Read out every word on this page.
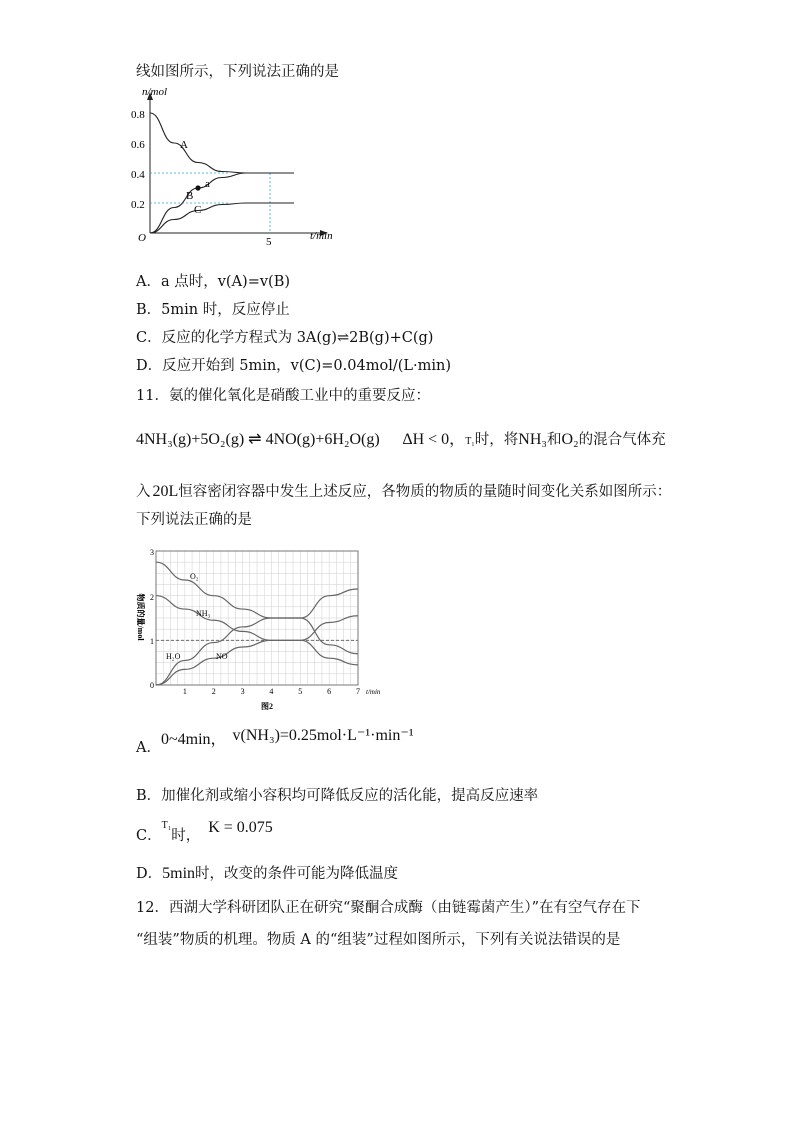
线如图所示，下列说法正确的是
n/mol
t/min
O
0.8
0.6
0.4
0.2
5
A
B
C
a
A．a 点时，v(A)=v(B)
B．5min 时，反应停止
C．反应的化学方程式为 3A(g)⇌2B(g)+C(g)
D．反应开始到 5min，v(C)=0.04mol/(L·min)
11．氨的催化氧化是硝酸工业中的重要反应：
4NH₃(g)+5O₂(g) ⇌ 4NO(g)+6H₂O(g) ΔH < 0，T₁时，将NH₃和O₂的混合气体充
入 20L恒容密闭容器中发生上述反应，各物质的物质的量随时间变化关系如图所示：
下列说法正确的是
3
2
1
0
物质的量/mol
1	2	3	4	5	6	7 t/min
图2
O₂
NH₃
H₂O	NO
A．0~4min， v(NH₃)=0.25mol·L⁻¹·min⁻¹
B．加催化剂或缩小容积均可降低反应的活化能，提高反应速率
C．$^{T_1}$时， K = 0.075
D．5min时，改变的条件可能为降低温度
12．西湖大学科研团队正在研究“聚酮合成酶（由链霉菌产生）”在有空气存在下
“组装”物质的机理。物质 A 的“组装”过程如图所示，下列有关说法错误的是
